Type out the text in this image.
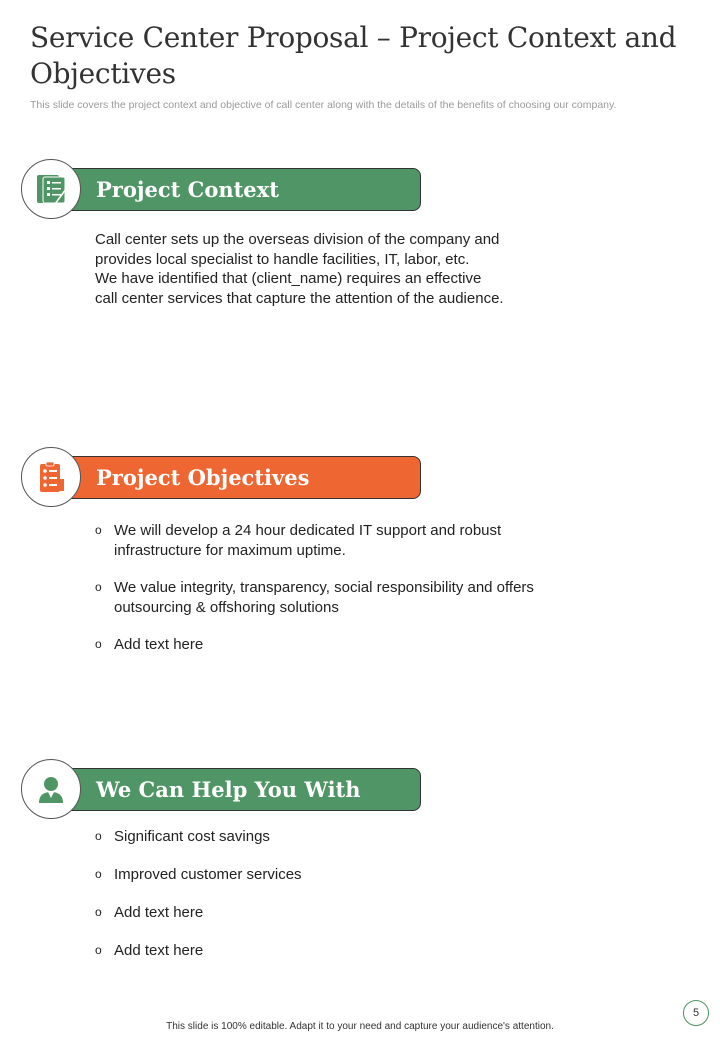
Service Center Proposal – Project Context and Objectives

This slide covers the project context and objective of call center along with the details of the benefits of choosing our company.

Project Context
Call center sets up the overseas division of the company and provides local specialist to handle facilities, IT, labor, etc.
We have identified that (client_name) requires an effective call center services that capture the attention of the audience.
Project Objectives
o We will develop a 24 hour dedicated IT support and robust infrastructure for maximum uptime.
o We value integrity, transparency, social responsibility and offers outsourcing & offshoring solutions
o Add text here
We Can Help You With
o Significant cost savings
o Improved customer services
o Add text here
o Add text here
5

This slide is 100% editable. Adapt it to your need and capture your audience's attention.
